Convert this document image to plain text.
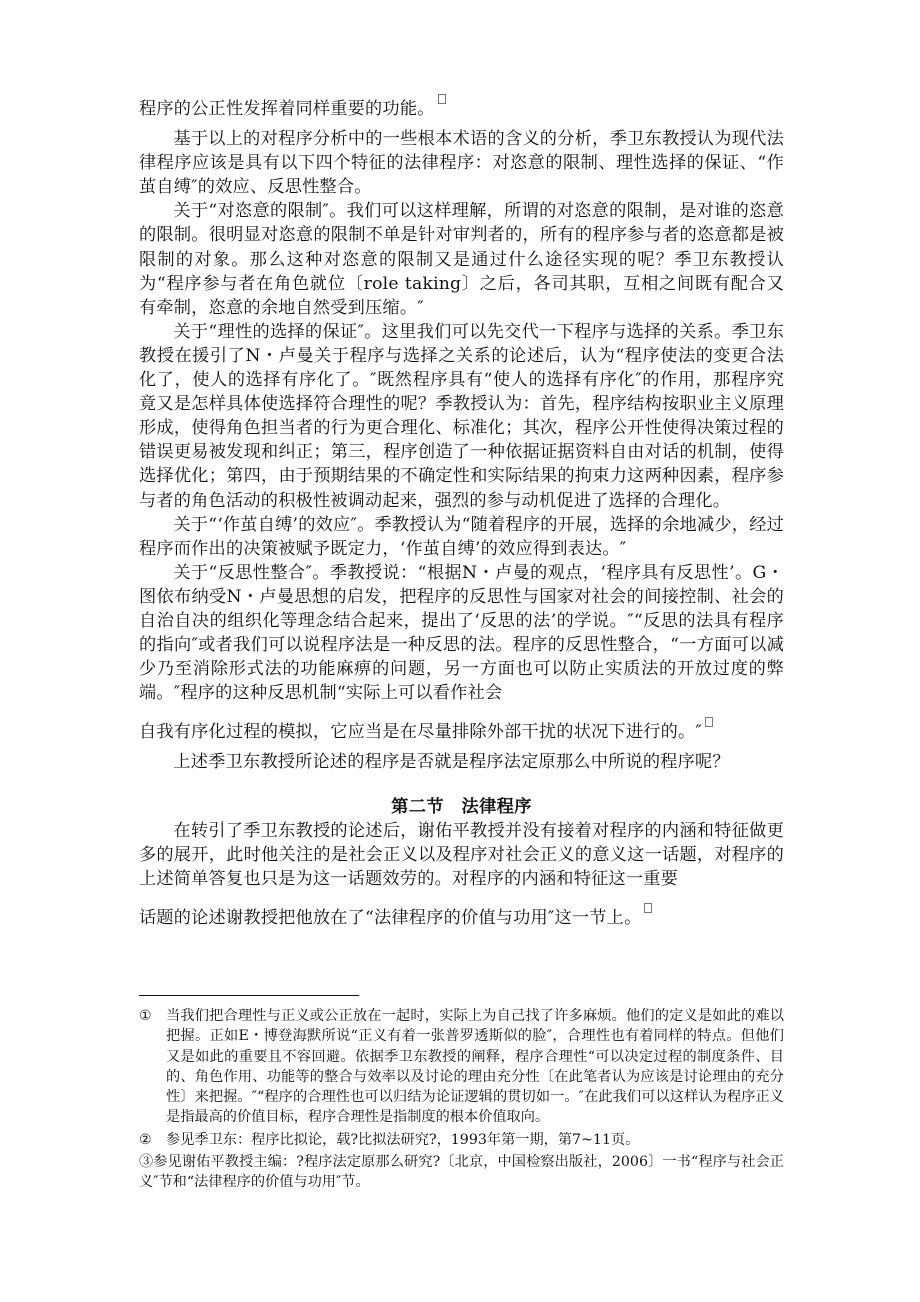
程序的公正性发挥着同样重要的功能。

基于以上的对程序分析中的一些根本术语的含义的分析，季卫东教授认为现代法律程序应该是具有以下四个特征的法律程序：对恣意的限制、理性选择的保证、“作茧自缚″的效应、反思性整合。

关于“对恣意的限制″。我们可以这样理解，所谓的对恣意的限制，是对谁的恣意的限制。很明显对恣意的限制不单是针对审判者的，所有的程序参与者的恣意都是被限制的对象。那么这种对恣意的限制又是通过什么途径实现的呢？季卫东教授认为“程序参与者在角色就位〔role taking〕之后，各司其职，互相之间既有配合又有牵制，恣意的余地自然受到压缩。″

关于“理性的选择的保证″。这里我们可以先交代一下程序与选择的关系。季卫东教授在援引了N・卢曼关于程序与选择之关系的论述后，认为“程序使法的变更合法化了，使人的选择有序化了。″既然程序具有“使人的选择有序化″的作用，那程序究竟又是怎样具体使选择符合理性的呢？季教授认为：首先，程序结构按职业主义原理形成，使得角色担当者的行为更合理化、标准化；其次，程序公开性使得决策过程的错误更易被发现和纠正；第三，程序创造了一种依据证据资料自由对话的机制，使得选择优化；第四，由于预期结果的不确定性和实际结果的拘束力这两种因素，程序参与者的角色活动的积极性被调动起来，强烈的参与动机促进了选择的合理化。

关于“‘作茧自缚’的效应″。季教授认为“随着程序的开展，选择的余地减少，经过程序而作出的决策被赋予既定力，‘作茧自缚’的效应得到表达。″

关于“反思性整合″。季教授说：“根据N・卢曼的观点，‘程序具有反思性’。G・图依布纳受N・卢曼思想的启发，把程序的反思性与国家对社会的间接控制、社会的自治自决的组织化等理念结合起来，提出了‘反思的法’的学说。″“反思的法具有程序的指向″或者我们可以说程序法是一种反思的法。程序的反思性整合，“一方面可以减少乃至消除形式法的功能麻痹的问题，另一方面也可以防止实质法的开放过度的弊端。″程序的这种反思机制“实际上可以看作社会

自我有序化过程的模拟，它应当是在尽量排除外部干扰的状况下进行的。″

上述季卫东教授所论述的程序是否就是程序法定原那么中所说的程序呢？

第二节　法律程序

在转引了季卫东教授的论述后，谢佑平教授并没有接着对程序的内涵和特征做更多的展开，此时他关注的是社会正义以及程序对社会正义的意义这一话题，对程序的上述简单答复也只是为这一话题效劳的。对程序的内涵和特征这一重要

话题的论述谢教授把他放在了“法律程序的价值与功用″这一节上。

①	当我们把合理性与正义或公正放在一起时，实际上为自己找了许多麻烦。他们的定义是如此的难以把握。正如E・博登海默所说“正义有着一张普罗透斯似的脸″，合理性也有着同样的特点。但他们又是如此的重要且不容回避。依据季卫东教授的阐释，程序合理性“可以决定过程的制度条件、目的、角色作用、功能等的整合与效率以及讨论的理由充分性〔在此笔者认为应该是讨论理由的充分性〕来把握。″“程序的合理性也可以归结为论证逻辑的贯切如一。″在此我们可以这样认为程序正义是指最高的价值目标，程序合理性是指制度的根本价值取向。
②	参见季卫东：程序比拟论，载?比拟法研究?，1993年第一期，第7~11页。
③参见谢佑平教授主编：?程序法定原那么研究?〔北京，中国检察出版社，2006〕一书“程序与社会正义″节和“法律程序的价值与功用″节。
